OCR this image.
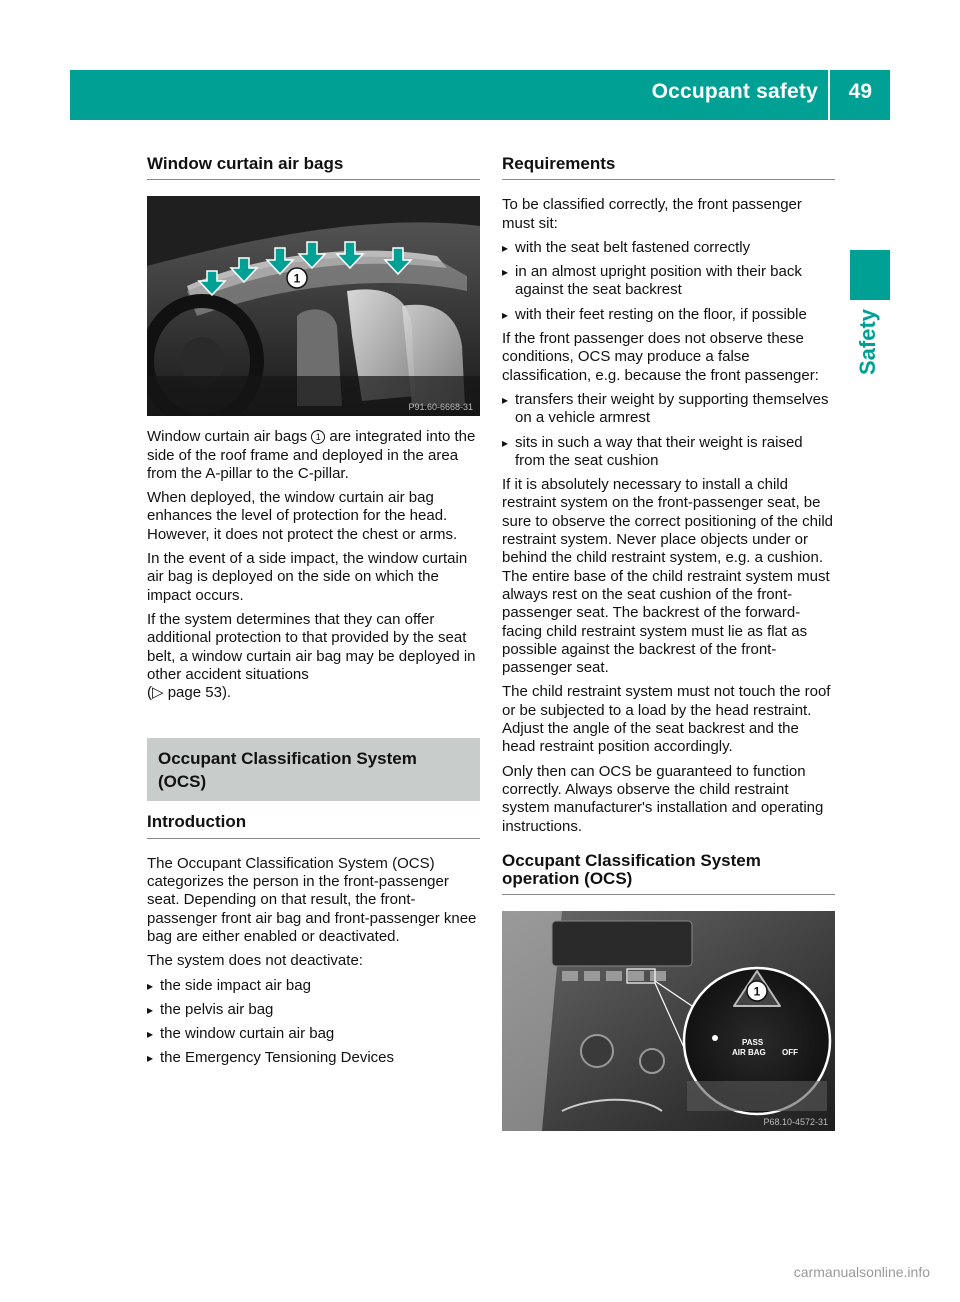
Occupant safety 49
Safety
Window curtain air bags
1
P91.60-6668-31

Window curtain air bags 1 are integrated into the side of the roof frame and deployed in the area from the A-pillar to the C-pillar.

When deployed, the window curtain air bag enhances the level of protection for the head. However, it does not protect the chest or arms.

In the event of a side impact, the window curtain air bag is deployed on the side on which the impact occurs.

If the system determines that they can offer additional protection to that provided by the seat belt, a window curtain air bag may be deployed in other accident situations
(▷ page 53).

Occupant Classification System
(OCS)
Introduction

The Occupant Classification System (OCS) categorizes the person in the front-passenger seat. Depending on that result, the front-passenger front air bag and front-passenger knee bag are either enabled or deactivated.

The system does not deactivate:

▸ the side impact air bag
▸ the pelvis air bag
▸ the window curtain air bag
▸ the Emergency Tensioning Devices
Requirements

To be classified correctly, the front passenger must sit:

▸ with the seat belt fastened correctly
▸ in an almost upright position with their back against the seat backrest
▸ with their feet resting on the floor, if possible

If the front passenger does not observe these conditions, OCS may produce a false classification, e.g. because the front passenger:

▸ transfers their weight by supporting themselves on a vehicle armrest
▸ sits in such a way that their weight is raised from the seat cushion

If it is absolutely necessary to install a child restraint system on the front-passenger seat, be sure to observe the correct positioning of the child restraint system. Never place objects under or behind the child restraint system, e.g. a cushion. The entire base of the child restraint system must always rest on the seat cushion of the front-passenger seat. The backrest of the forward-facing child restraint system must lie as flat as possible against the backrest of the front-passenger seat.

The child restraint system must not touch the roof or be subjected to a load by the head restraint. Adjust the angle of the seat backrest and the head restraint position accordingly.

Only then can OCS be guaranteed to function correctly. Always observe the child restraint system manufacturer's installation and operating instructions.

Occupant Classification System operation (OCS)
1
PASS
AIR BAG OFF
P68.10-4572-31
carmanualsonline.info
